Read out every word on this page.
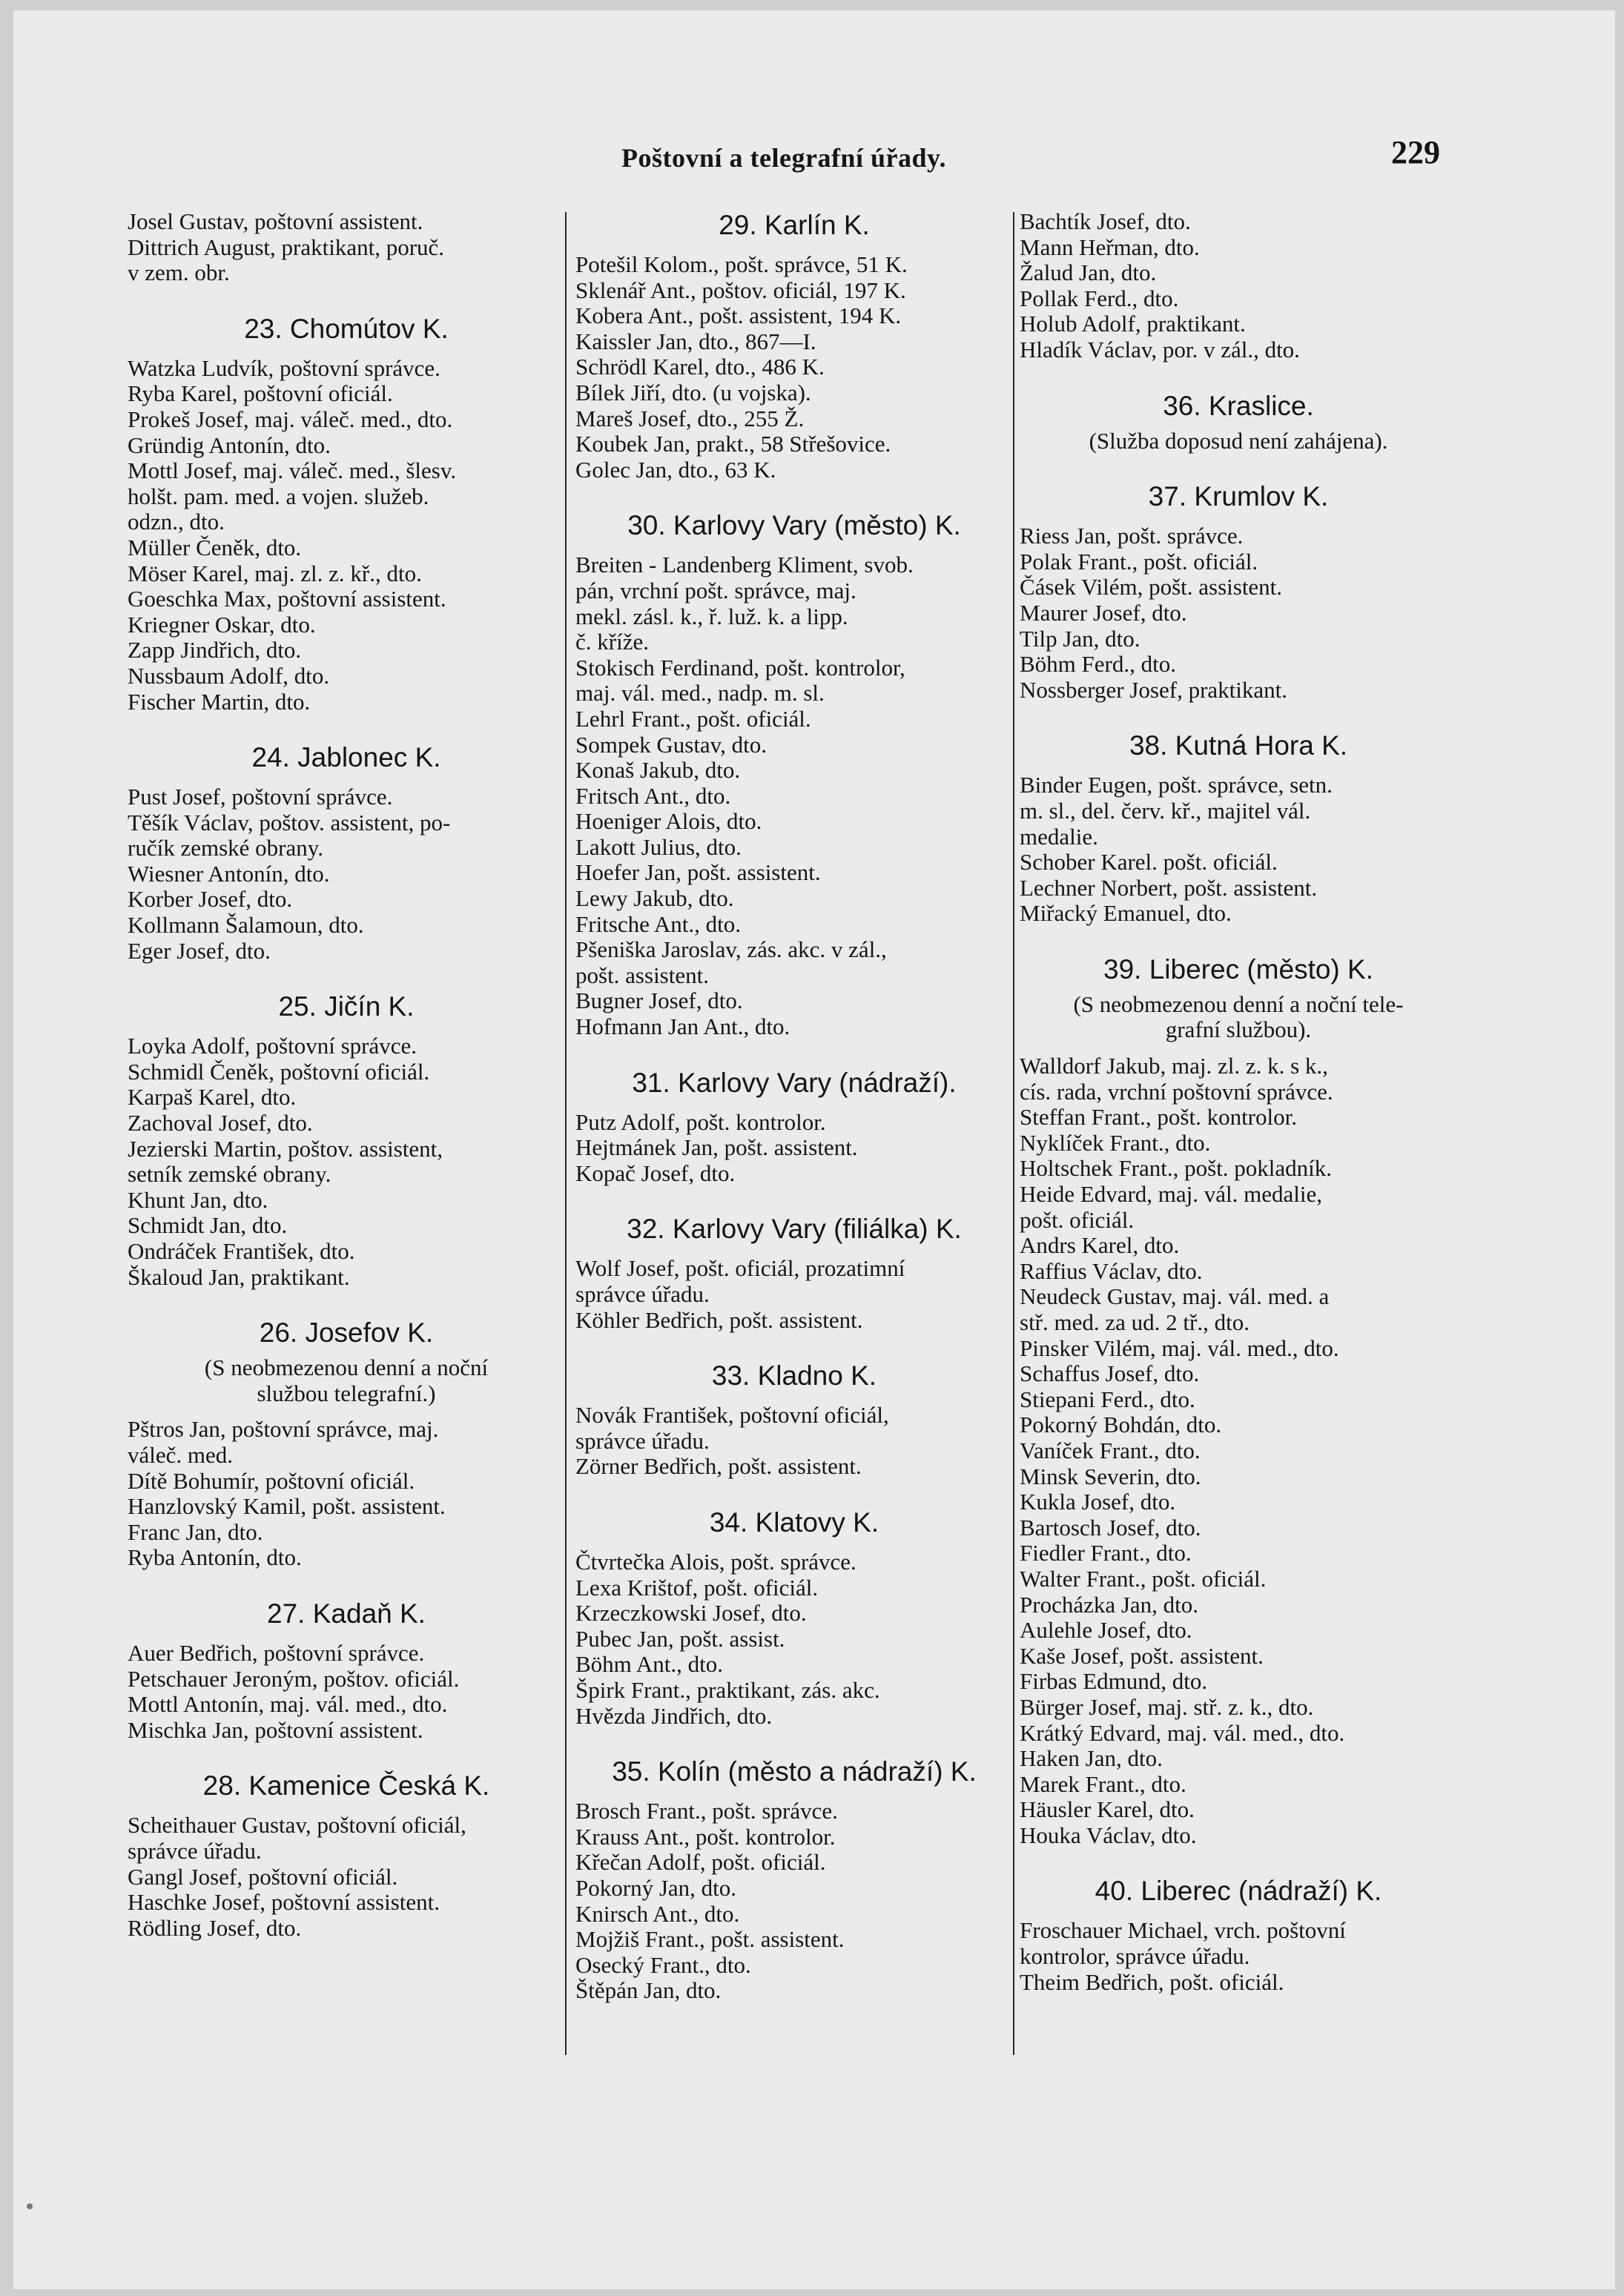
Poštovní a telegrafní úřady.	229
Josel Gustav, poštovní assistent.
Dittrich August, praktikant, poruč.
v zem. obr.
23. Chomútov K.
Watzka Ludvík, poštovní správce.
Ryba Karel, poštovní oficiál.
Prokeš Josef, maj. váleč. med., dto.
Gründig Antonín, dto.
Mottl Josef, maj. váleč. med., šlesv.
holšt. pam. med. a vojen. služeb.
odzn., dto.
Müller Čeněk, dto.
Möser Karel, maj. zl. z. kř., dto.
Goeschka Max, poštovní assistent.
Kriegner Oskar, dto.
Zapp Jindřich, dto.
Nussbaum Adolf, dto.
Fischer Martin, dto.
24. Jablonec K.
Pust Josef, poštovní správce.
Těšík Václav, poštov. assistent, po-
ručík zemské obrany.
Wiesner Antonín, dto.
Korber Josef, dto.
Kollmann Šalamoun, dto.
Eger Josef, dto.
25. Jičín K.
Loyka Adolf, poštovní správce.
Schmidl Čeněk, poštovní oficiál.
Karpaš Karel, dto.
Zachoval Josef, dto.
Jezierski Martin, poštov. assistent,
setník zemské obrany.
Khunt Jan, dto.
Schmidt Jan, dto.
Ondráček František, dto.
Škaloud Jan, praktikant.
26. Josefov K.
(S neobmezenou denní a noční
službou telegrafní.)
Pštros Jan, poštovní správce, maj.
váleč. med.
Dítě Bohumír, poštovní oficiál.
Hanzlovský Kamil, pošt. assistent.
Franc Jan, dto.
Ryba Antonín, dto.
27. Kadaň K.
Auer Bedřich, poštovní správce.
Petschauer Jeroným, poštov. oficiál.
Mottl Antonín, maj. vál. med., dto.
Mischka Jan, poštovní assistent.
28. Kamenice Česká K.
Scheithauer Gustav, poštovní oficiál,
správce úřadu.
Gangl Josef, poštovní oficiál.
Haschke Josef, poštovní assistent.
Rödling Josef, dto.
29. Karlín K.
Potešil Kolom., pošt. správce, 51 K.
Sklenář Ant., poštov. oficiál, 197 K.
Kobera Ant., pošt. assistent, 194 K.
Kaissler Jan, dto., 867—I.
Schrödl Karel, dto., 486 K.
Bílek Jiří, dto. (u vojska).
Mareš Josef, dto., 255 Ž.
Koubek Jan, prakt., 58 Střešovice.
Golec Jan, dto., 63 K.
30. Karlovy Vary (město) K.
Breiten - Landenberg Kliment, svob.
pán, vrchní pošt. správce, maj.
mekl. zásl. k., ř. luž. k. a lipp.
č. kříže.
Stokisch Ferdinand, pošt. kontrolor,
maj. vál. med., nadp. m. sl.
Lehrl Frant., pošt. oficiál.
Sompek Gustav, dto.
Konaš Jakub, dto.
Fritsch Ant., dto.
Hoeniger Alois, dto.
Lakott Julius, dto.
Hoefer Jan, pošt. assistent.
Lewy Jakub, dto.
Fritsche Ant., dto.
Pšeniška Jaroslav, zás. akc. v zál.,
pošt. assistent.
Bugner Josef, dto.
Hofmann Jan Ant., dto.
31. Karlovy Vary (nádraží).
Putz Adolf, pošt. kontrolor.
Hejtmánek Jan, pošt. assistent.
Kopač Josef, dto.
32. Karlovy Vary (filiálka) K.
Wolf Josef, pošt. oficiál, prozatimní
správce úřadu.
Köhler Bedřich, pošt. assistent.
33. Kladno K.
Novák František, poštovní oficiál,
správce úřadu.
Zörner Bedřich, pošt. assistent.
34. Klatovy K.
Čtvrtečka Alois, pošt. správce.
Lexa Krištof, pošt. oficiál.
Krzeczkowski Josef, dto.
Pubec Jan, pošt. assist.
Böhm Ant., dto.
Špirk Frant., praktikant, zás. akc.
Hvězda Jindřich, dto.
35. Kolín (město a nádraží) K.
Brosch Frant., pošt. správce.
Krauss Ant., pošt. kontrolor.
Křečan Adolf, pošt. oficiál.
Pokorný Jan, dto.
Knirsch Ant., dto.
Mojžiš Frant., pošt. assistent.
Osecký Frant., dto.
Štěpán Jan, dto.
Bachtík Josef, dto.
Mann Heřman, dto.
Žalud Jan, dto.
Pollak Ferd., dto.
Holub Adolf, praktikant.
Hladík Václav, por. v zál., dto.
36. Kraslice.
(Služba doposud není zahájena).
37. Krumlov K.
Riess Jan, pošt. správce.
Polak Frant., pošt. oficiál.
Čásek Vilém, pošt. assistent.
Maurer Josef, dto.
Tilp Jan, dto.
Böhm Ferd., dto.
Nossberger Josef, praktikant.
38. Kutná Hora K.
Binder Eugen, pošt. správce, setn.
m. sl., del. červ. kř., majitel vál.
medalie.
Schober Karel. pošt. oficiál.
Lechner Norbert, pošt. assistent.
Miřacký Emanuel, dto.
39. Liberec (město) K.
(S neobmezenou denní a noční tele-
grafní službou).
Walldorf Jakub, maj. zl. z. k. s k.,
cís. rada, vrchní poštovní správce.
Steffan Frant., pošt. kontrolor.
Nyklíček Frant., dto.
Holtschek Frant., pošt. pokladník.
Heide Edvard, maj. vál. medalie,
pošt. oficiál.
Andrs Karel, dto.
Raffius Václav, dto.
Neudeck Gustav, maj. vál. med. a
stř. med. za ud. 2 tř., dto.
Pinsker Vilém, maj. vál. med., dto.
Schaffus Josef, dto.
Stiepani Ferd., dto.
Pokorný Bohdán, dto.
Vaníček Frant., dto.
Minsk Severin, dto.
Kukla Josef, dto.
Bartosch Josef, dto.
Fiedler Frant., dto.
Walter Frant., pošt. oficiál.
Procházka Jan, dto.
Aulehle Josef, dto.
Kaše Josef, pošt. assistent.
Firbas Edmund, dto.
Bürger Josef, maj. stř. z. k., dto.
Krátký Edvard, maj. vál. med., dto.
Haken Jan, dto.
Marek Frant., dto.
Häusler Karel, dto.
Houka Václav, dto.
40. Liberec (nádraží) K.
Froschauer Michael, vrch. poštovní
kontrolor, správce úřadu.
Theim Bedřich, pošt. oficiál.
